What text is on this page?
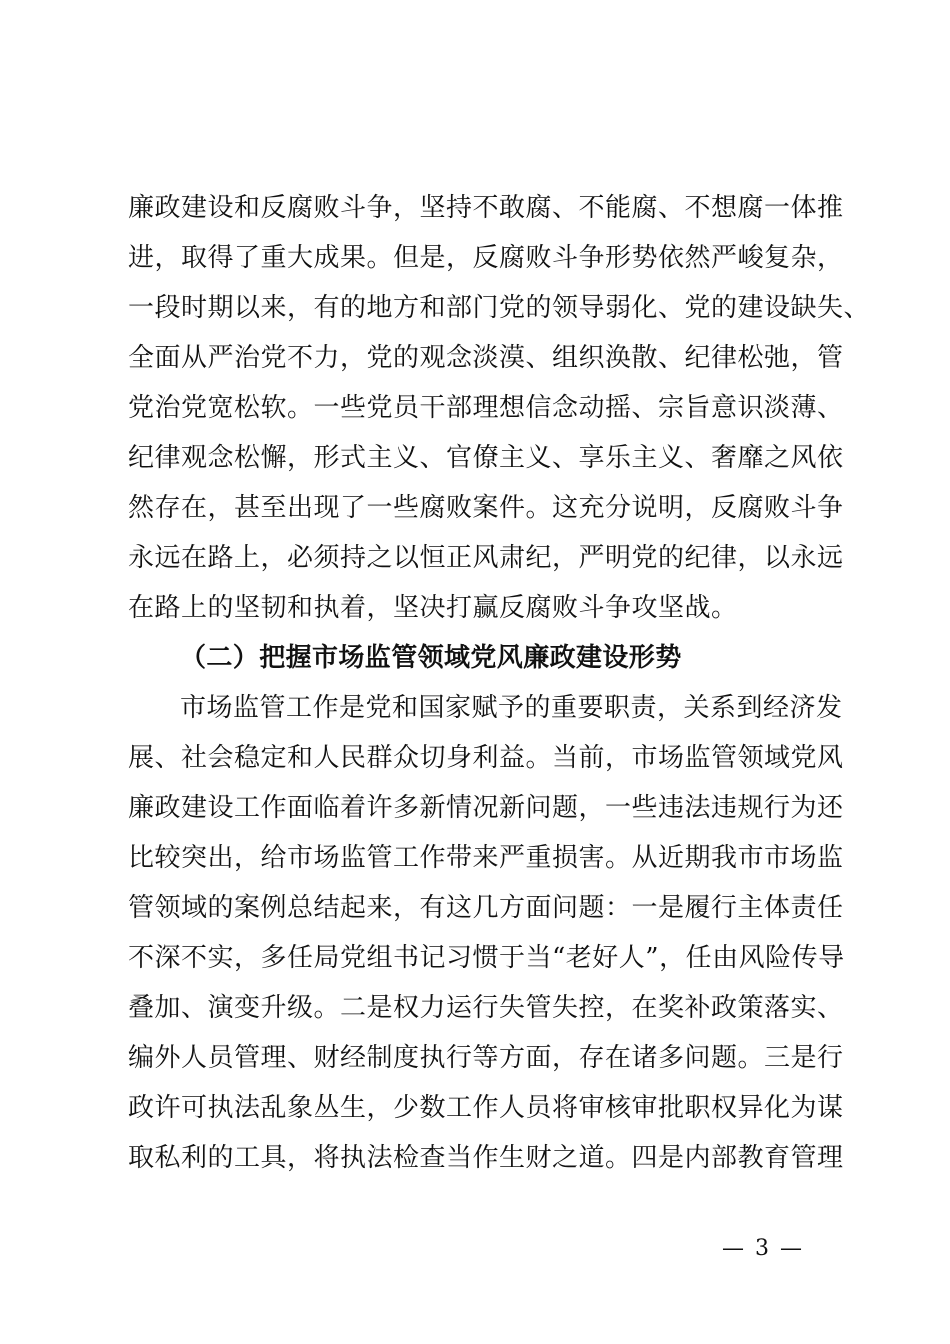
廉政建设和反腐败斗争，坚持不敢腐、不能腐、不想腐一体推
进，取得了重大成果。但是，反腐败斗争形势依然严峻复杂，
一段时期以来，有的地方和部门党的领导弱化、党的建设缺失、
全面从严治党不力，党的观念淡漠、组织涣散、纪律松弛，管
党治党宽松软。一些党员干部理想信念动摇、宗旨意识淡薄、
纪律观念松懈，形式主义、官僚主义、享乐主义、奢靡之风依
然存在，甚至出现了一些腐败案件。这充分说明，反腐败斗争
永远在路上，必须持之以恒正风肃纪，严明党的纪律，以永远
在路上的坚韧和执着，坚决打赢反腐败斗争攻坚战。
（二）把握市场监管领域党风廉政建设形势
市场监管工作是党和国家赋予的重要职责，关系到经济发
展、社会稳定和人民群众切身利益。当前，市场监管领域党风
廉政建设工作面临着许多新情况新问题，一些违法违规行为还
比较突出，给市场监管工作带来严重损害。从近期我市市场监
管领域的案例总结起来，有这几方面问题：一是履行主体责任
不深不实，多任局党组书记习惯于当“老好人”，任由风险传导
叠加、演变升级。二是权力运行失管失控，在奖补政策落实、
编外人员管理、财经制度执行等方面，存在诸多问题。三是行
政许可执法乱象丛生，少数工作人员将审核审批职权异化为谋
取私利的工具，将执法检查当作生财之道。四是内部教育管理
— 3 —
